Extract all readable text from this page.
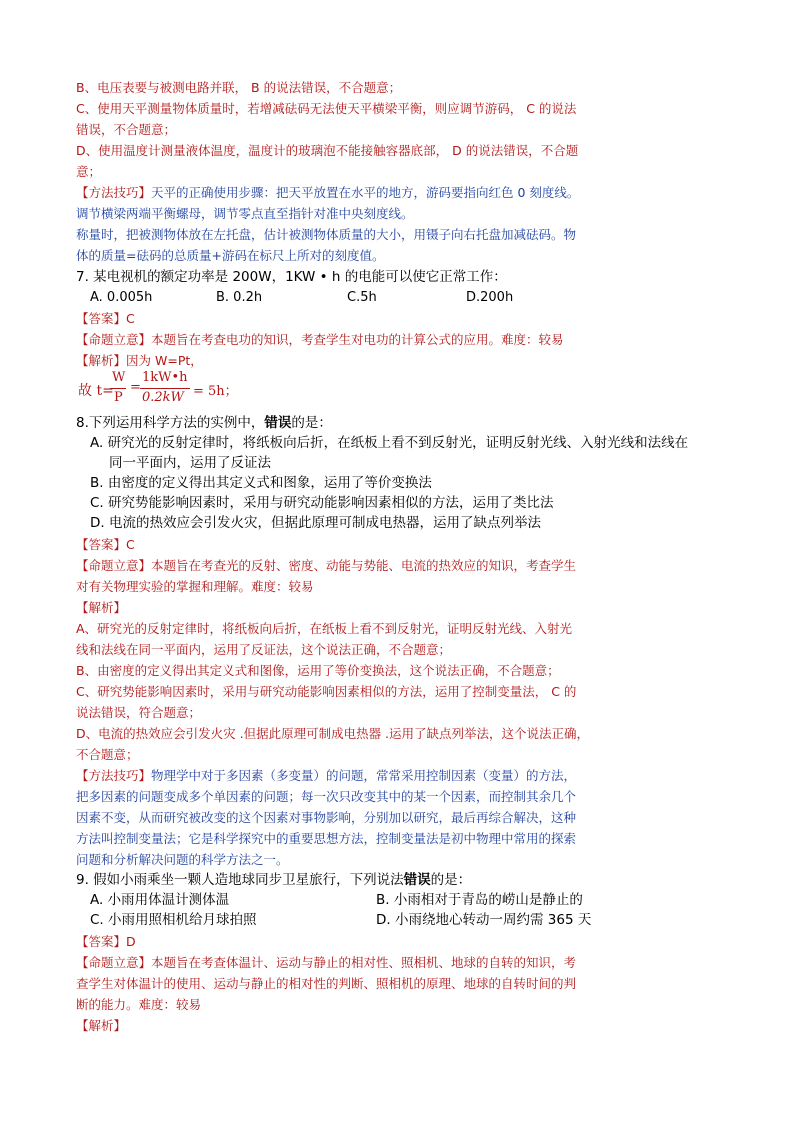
B、电压表要与被测电路并联， B 的说法错误，不合题意；
C、使用天平测量物体质量时，若增减砝码无法使天平横梁平衡，则应调节游码， C 的说法
错误，不合题意；
D、使用温度计测量液体温度，温度计的玻璃泡不能接触容器底部， D 的说法错误，不合题
意；
【方法技巧】天平的正确使用步骤：把天平放置在水平的地方，游码要指向红色 0 刻度线。
调节横梁两端平衡螺母，调节零点直至指针对准中央刻度线。
称量时，把被测物体放在左托盘，估计被测物体质量的大小，用镊子向右托盘加减砝码。物
体的质量=砝码的总质量+游码在标尺上所对的刻度值。
7. 某电视机的额定功率是 200W，1KW • h 的电能可以使它正常工作：
A. 0.005h	B. 0.2h	C.5h	D.200h
【答案】C
【命题立意】本题旨在考查电功的知识，考查学生对电功的计算公式的应用。难度：较易
【解析】因为 W=Pt，
故 t=
W
P
=
1kW•h
0.2kW = 5h；
8.下列运用科学方法的实例中，错误的是：
A. 研究光的反射定律时，将纸板向后折，在纸板上看不到反射光，证明反射光线、入射光线和法线在
同一平面内，运用了反证法
B. 由密度的定义得出其定义式和图象，运用了等价变换法
C. 研究势能影响因素时，采用与研究动能影响因素相似的方法，运用了类比法
D. 电流的热效应会引发火灾，但据此原理可制成电热器，运用了缺点列举法
【答案】C
【命题立意】本题旨在考查光的反射、密度、动能与势能、电流的热效应的知识，考查学生
对有关物理实验的掌握和理解。难度：较易
【解析】
A、研究光的反射定律时，将纸板向后折，在纸板上看不到反射光，证明反射光线、入射光
线和法线在同一平面内，运用了反证法，这个说法正确，不合题意；
B、由密度的定义得出其定义式和图像，运用了等价变换法，这个说法正确，不合题意；
C、研究势能影响因素时，采用与研究动能影响因素相似的方法，运用了控制变量法， C 的
说法错误，符合题意；
D、电流的热效应会引发火灾 .但据此原理可制成电热器 .运用了缺点列举法，这个说法正确，
不合题意；
【方法技巧】物理学中对于多因素（多变量）的问题，常常采用控制因素（变量）的方法，
把多因素的问题变成多个单因素的问题；每一次只改变其中的某一个因素，而控制其余几个
因素不变，从而研究被改变的这个因素对事物影响，分别加以研究，最后再综合解决，这种
方法叫控制变量法；它是科学探究中的重要思想方法，控制变量法是初中物理中常用的探索
问题和分析解决问题的科学方法之一。
9. 假如小雨乘坐一颗人造地球同步卫星旅行，下列说法错误的是：
A. 小雨用体温计测体温	B. 小雨相对于青岛的崂山是静止的
C. 小雨用照相机给月球拍照	D. 小雨绕地心转动一周约需 365 天
【答案】D
【命题立意】本题旨在考查体温计、运动与静止的相对性、照相机、地球的自转的知识，考
查学生对体温计的使用、运动与静止的相对性的判断、照相机的原理、地球的自转时间的判
断的能力。难度：较易
【解析】
